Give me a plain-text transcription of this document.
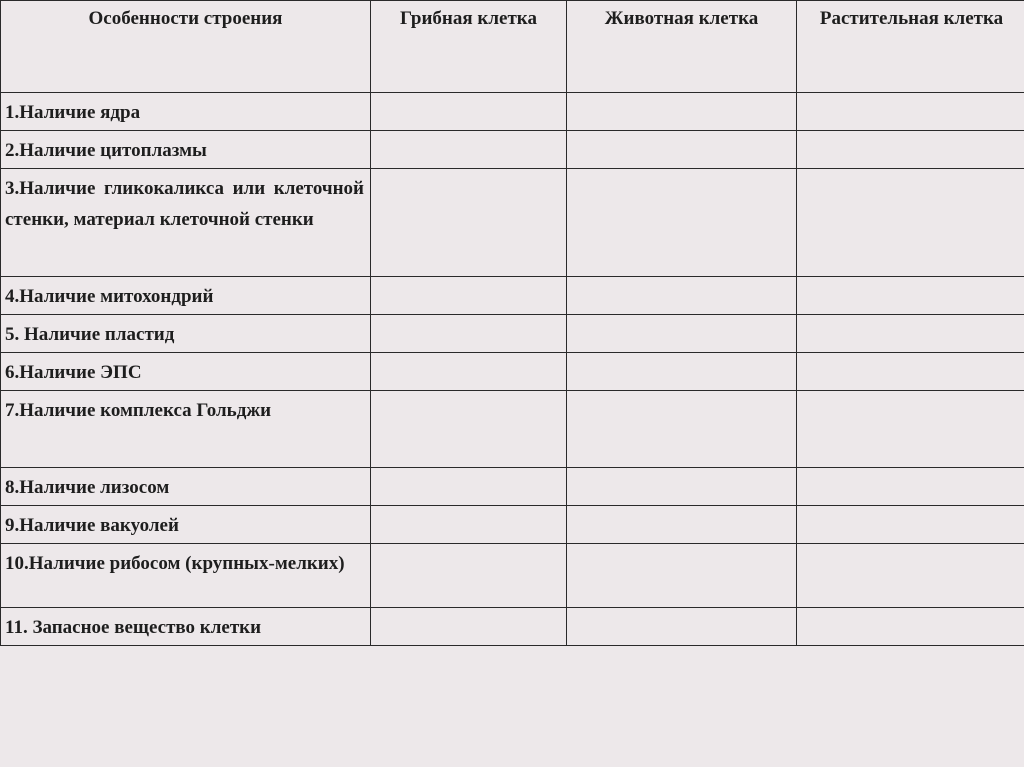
Особенности строения	Грибная клетка	Животная клетка	Растительная клетка
1.Наличие ядра			
2.Наличие цитоплазмы			
3.Наличие гликокаликса или клеточной стенки, материал клеточной стенки			
4.Наличие митохондрий			
5. Наличие пластид			
6.Наличие ЭПС			
7.Наличие комплекса Гольджи			
8.Наличие лизосом			
9.Наличие вакуолей			
10.Наличие рибосом (крупных-мелких)			
11. Запасное вещество клетки			
